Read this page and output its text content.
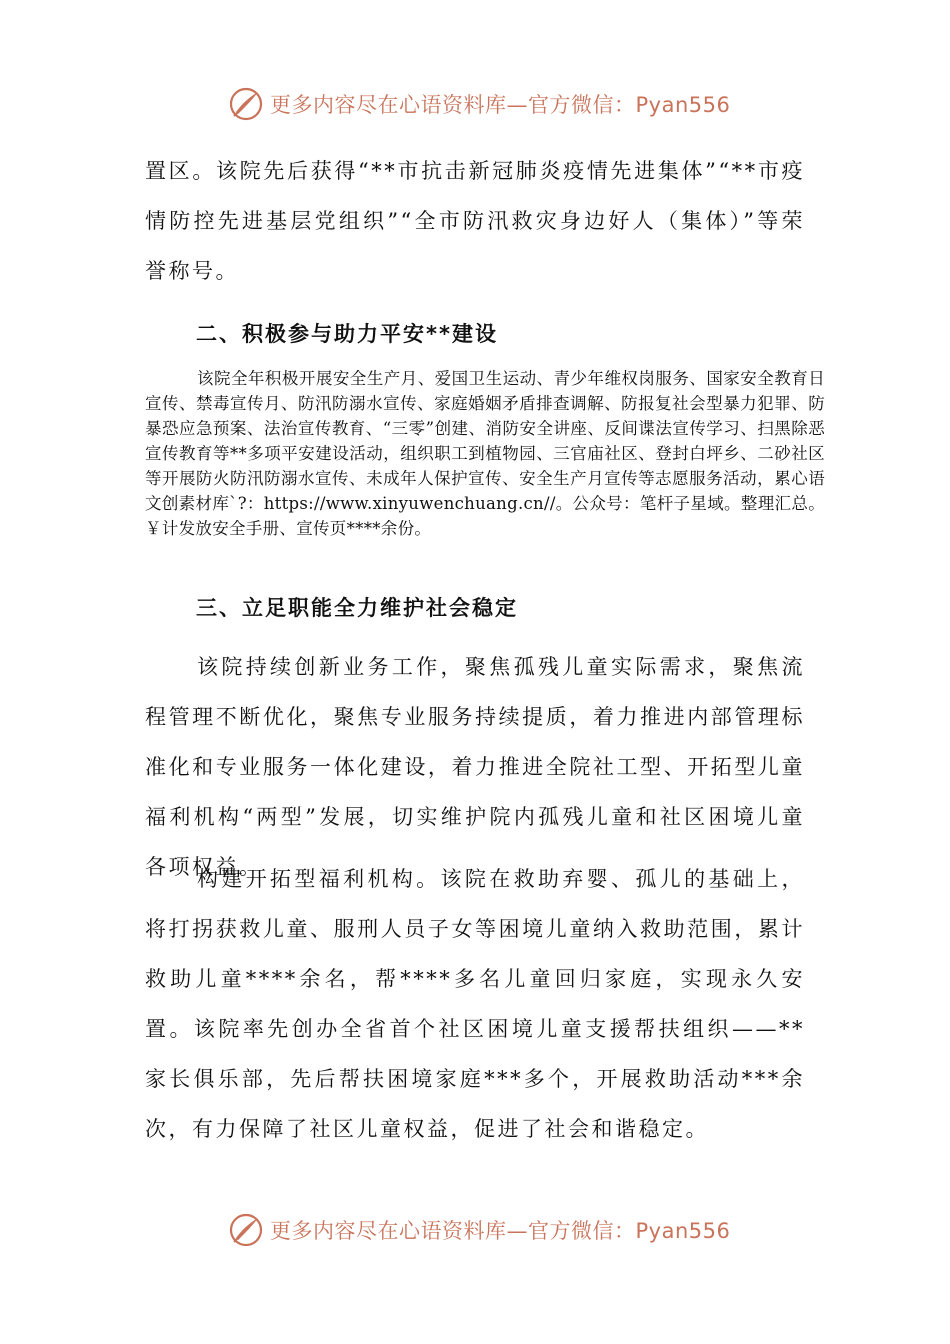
更多内容尽在心语资料库—官方微信：Pyan556
置区。该院先后获得“**市抗击新冠肺炎疫情先进集体”“**市疫情防控先进基层党组织”“全市防汛救灾身边好人（集体）”等荣誉称号。
二、积极参与助力平安**建设
该院全年积极开展安全生产月、爱国卫生运动、青少年维权岗服务、国家安全教育日宣传、禁毒宣传月、防汛防溺水宣传、家庭婚姻矛盾排查调解、防报复社会型暴力犯罪、防暴恐应急预案、法治宣传教育、“三零”创建、消防安全讲座、反间谍法宣传学习、扫黑除恶宣传教育等**多项平安建设活动，组织职工到植物园、三官庙社区、登封白坪乡、二砂社区等开展防火防汛防溺水宣传、未成年人保护宣传、安全生产月宣传等志愿服务活动，累心语文创素材库`?：https://www.xinyuwenchuang.cn//。公众号：笔杆子星域。整理汇总。￥计发放安全手册、宣传页****余份。
三、立足职能全力维护社会稳定
该院持续创新业务工作，聚焦孤残儿童实际需求，聚焦流程管理不断优化，聚焦专业服务持续提质，着力推进内部管理标准化和专业服务一体化建设，着力推进全院社工型、开拓型儿童福利机构“两型”发展，切实维护院内孤残儿童和社区困境儿童各项权益。
构建开拓型福利机构。该院在救助弃婴、孤儿的基础上，将打拐获救儿童、服刑人员子女等困境儿童纳入救助范围，累计救助儿童****余名，帮****多名儿童回归家庭，实现永久安置。该院率先创办全省首个社区困境儿童支援帮扶组织——**家长俱乐部，先后帮扶困境家庭***多个，开展救助活动***余次，有力保障了社区儿童权益，促进了社会和谐稳定。
更多内容尽在心语资料库—官方微信：Pyan556
